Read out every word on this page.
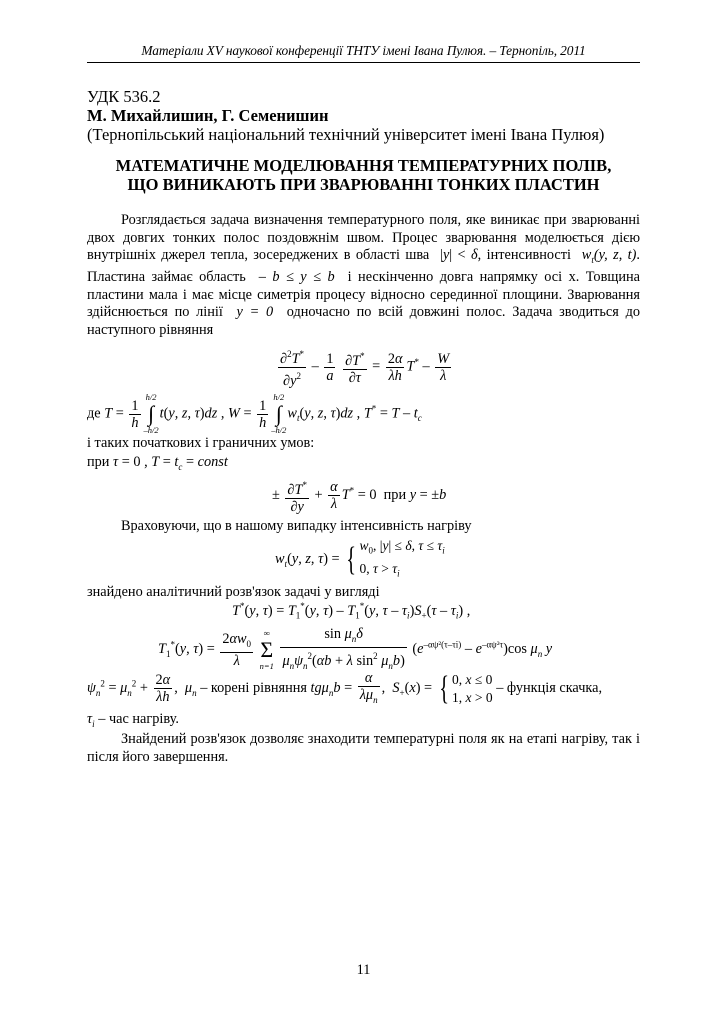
Матеріали XV наукової конференції ТНТУ імені Івана Пулюя. – Тернопіль, 2011
УДК 536.2
М. Михайлишин, Г. Семенишин
(Тернопільський національний технічний університет імені Івана Пулюя)
МАТЕМАТИЧНЕ МОДЕЛЮВАННЯ ТЕМПЕРАТУРНИХ ПОЛІВ,
ЩО ВИНИКАЮТЬ ПРИ ЗВАРЮВАННІ ТОНКИХ ПЛАСТИН
Розглядається задача визначення температурного поля, яке виникає при зварюванні двох довгих тонких полос поздовжнім швом. Процес зварювання моделюється дією внутрішніх джерел тепла, зосереджених в області шва  |y| < δ, інтенсивності  $w_t(y$, z, t). Пластина займає область  – b ≤ y ≤ b  і нескінченно довга напрямку осі x. Товщина пластини мала і має місце симетрія процесу відносно серединної площини. Зварювання здійснюється по лінії  y = 0  одночасно по всій довжині полос. Задача зводиться до наступного рівняння
$\frac{\partial^2T^*}{\partial y^2} - \frac{1}{a}$
$\frac{\partial T^*}{\partial\tau} = \frac{2\alpha}{\lambda h} T^* - \frac{W}{\lambda}$
де $T = \frac{1}{h}$
h/2
∫
–h/2
t(y, z, τ)dz , $W = \frac{1}{h}$
h/2
∫
–h/2
$w_t(y$, z, τ)dz , $T^* = T - t_c$
і таких початкових і граничних умов:
при τ = 0 , $T = t_c$ = const
± $\frac{\partial T^*}{\partial y} + \frac{\alpha}{\lambda} T^* = 0$  при y = ±b
Враховуючи, що в нашому випадку інтенсивність нагріву
$w_t(y$, z, τ) = { $w_0$, |y| ≤ δ, $\tau \le \tau_i$
0, $\tau > \tau_i$
знайдено аналітичний розв'язок задачі у вигляді
T*(y, $\tau) = T_1^*(y$, $\tau) - T_1^*(y$, τ – $\tau_i)S_+(\tau - \tau_i)$ ,
$T_1^*(y$, $\tau) = \frac{2\alpha w_0}{\lambda}$
	∞
Σ
n=1
$\frac{\sin \mu_n\delta}{\mu_n\psi_n^2(\alpha b + \lambda \sin^2 \mu_nb)} (e^{-\alpha\psi^2(\tau-\tau i)} - e^{-\alpha\psi^2\tau})\cos$ $\mu_n$ y
$\psi_n^2 = \mu_n^2 + \frac{2\alpha}{\lambda h}$ ,  $\mu_n$ – корені рівняння $tg\mu_nb = \frac{\alpha}{\lambda\mu_n}$ ,  $S_+(x)$ = { 0, x ≤ 0
1, x > 0
– функція скачка,
$\tau_i$ – час нагріву.
Знайдений розв'язок дозволяє знаходити температурні поля як на етапі нагріву, так і після його завершення.
11
